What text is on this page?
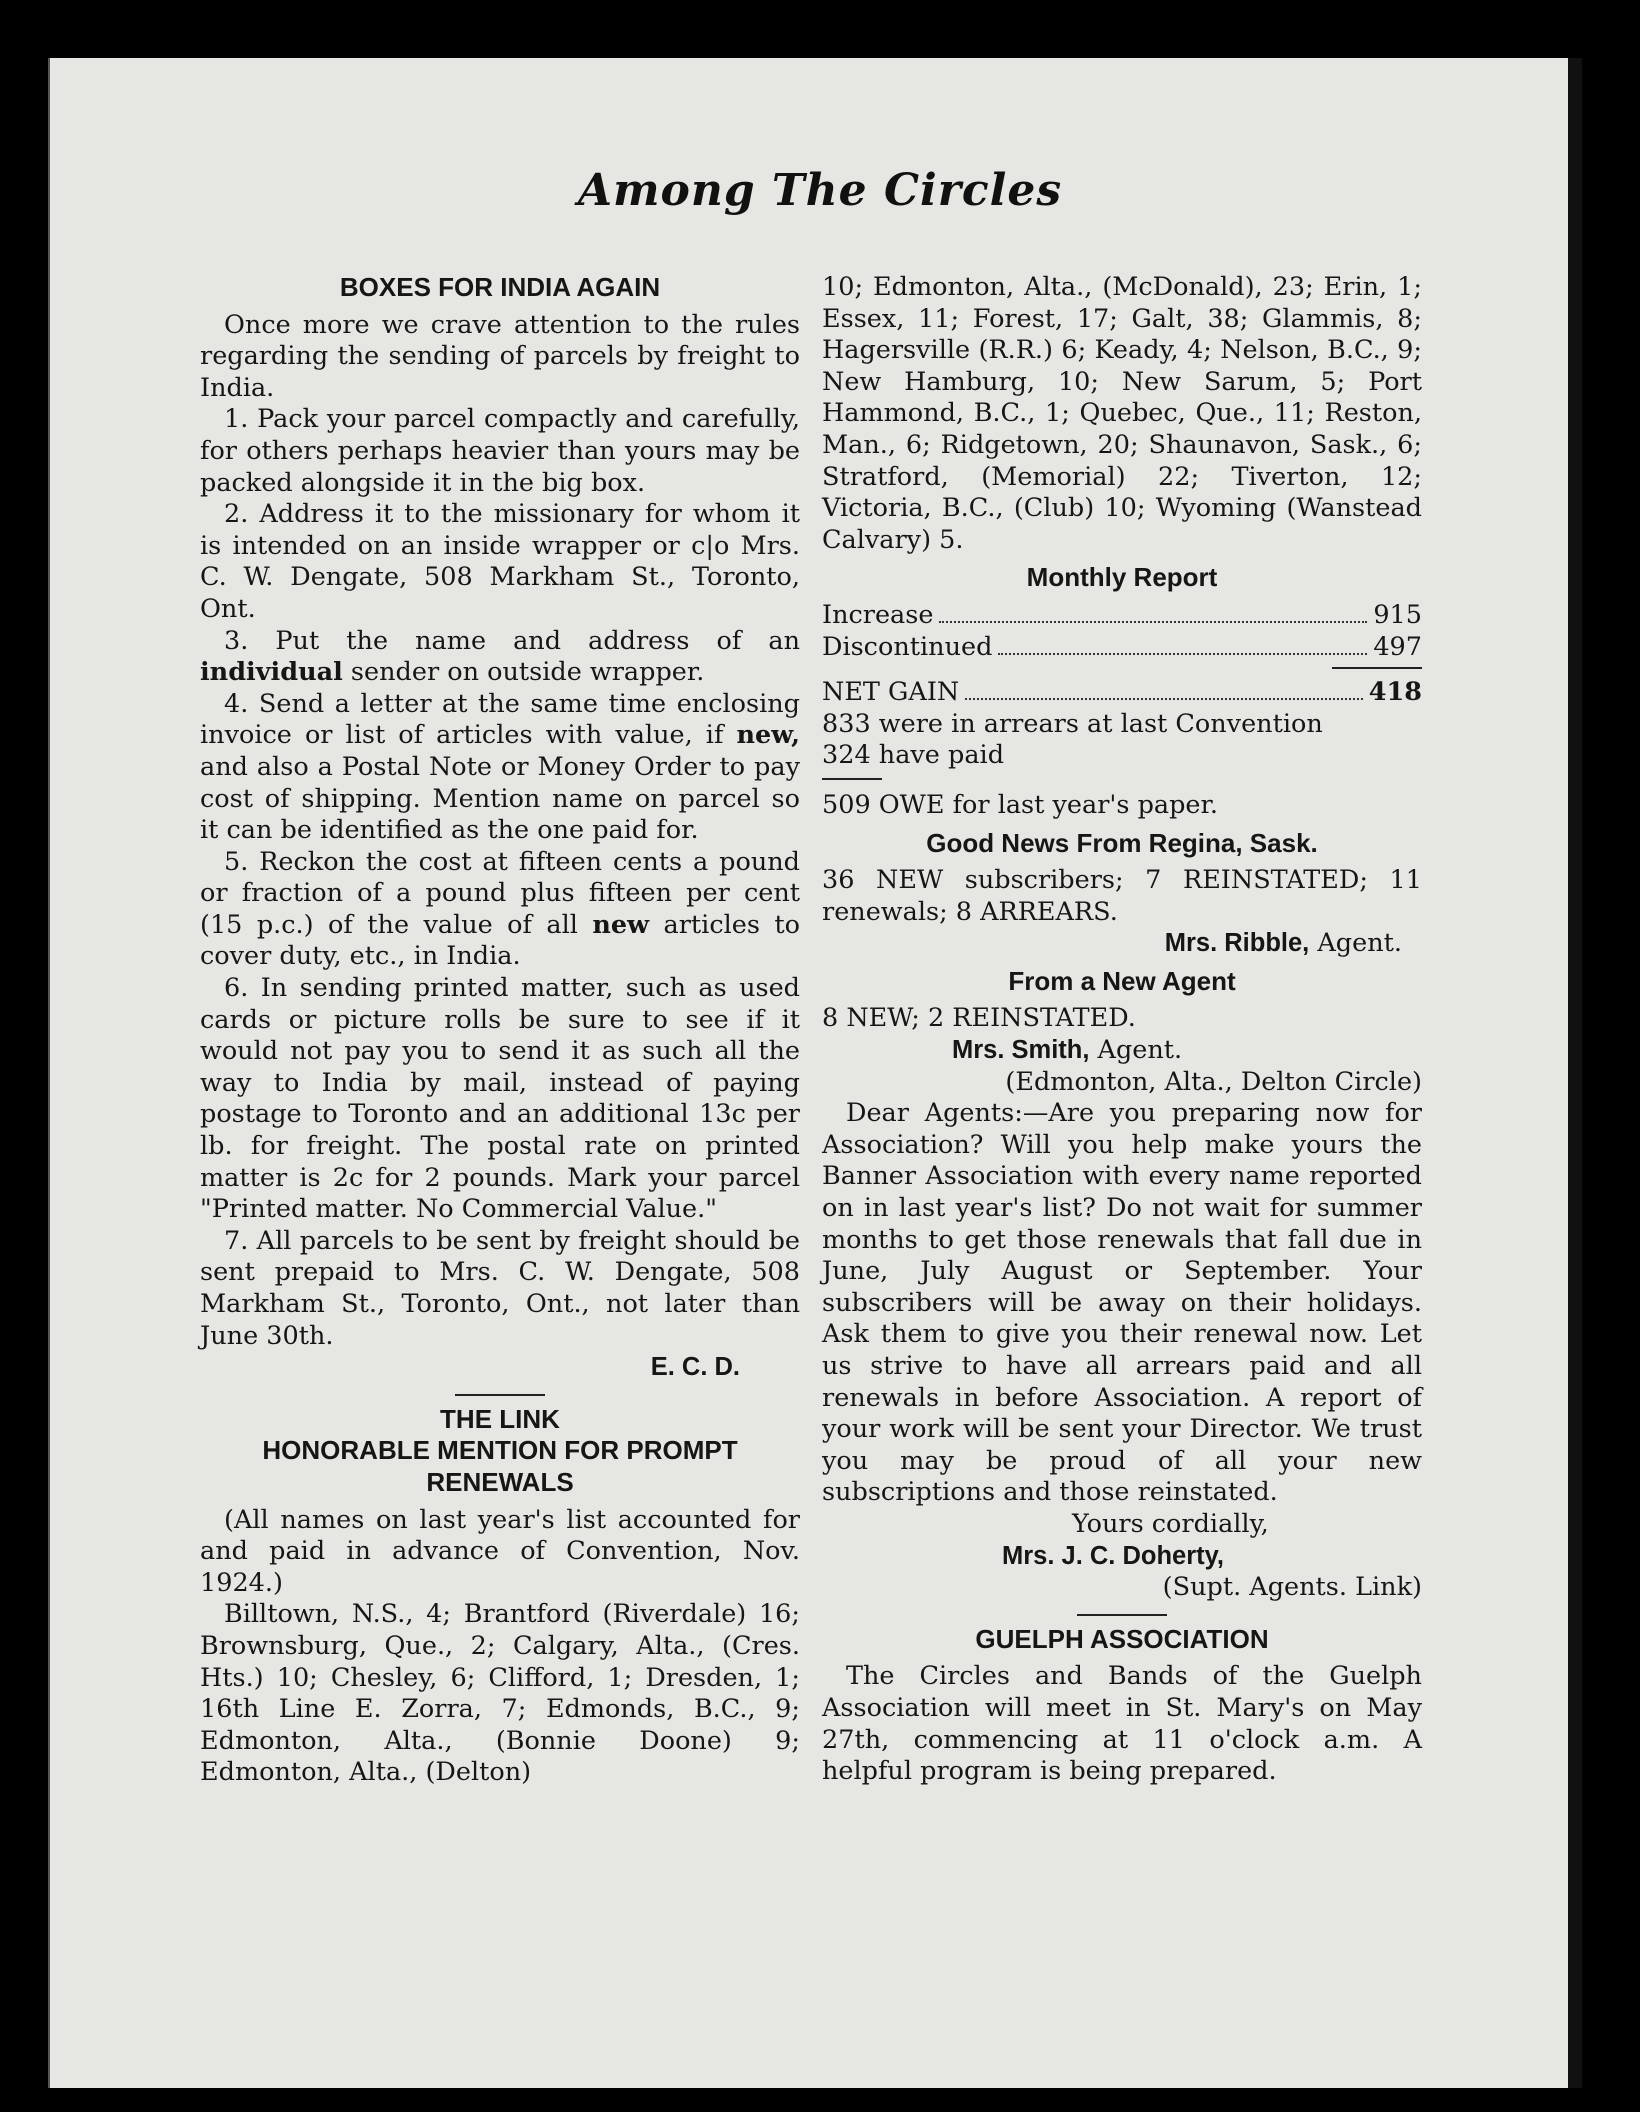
Among The Circles

BOXES FOR INDIA AGAIN

Once more we crave attention to the rules regarding the sending of parcels by freight to India.

1. Pack your parcel compactly and carefully, for others perhaps heavier than yours may be packed alongside it in the big box.

2. Address it to the missionary for whom it is intended on an inside wrapper or c|o Mrs. C. W. Dengate, 508 Markham St., Toronto, Ont.

3. Put the name and address of an individual sender on outside wrapper.

4. Send a letter at the same time enclosing invoice or list of articles with value, if new, and also a Postal Note or Money Order to pay cost of shipping. Mention name on parcel so it can be identified as the one paid for.

5. Reckon the cost at fifteen cents a pound or fraction of a pound plus fifteen per cent (15 p.c.) of the value of all new articles to cover duty, etc., in India.

6. In sending printed matter, such as used cards or picture rolls be sure to see if it would not pay you to send it as such all the way to India by mail, instead of paying postage to Toronto and an additional 13c per lb. for freight. The postal rate on printed matter is 2c for 2 pounds. Mark your parcel "Printed matter. No Commercial Value."

7. All parcels to be sent by freight should be sent prepaid to Mrs. C. W. Dengate, 508 Markham St., Toronto, Ont., not later than June 30th.

E. C. D.

THE LINK

HONORABLE MENTION FOR PROMPT RENEWALS

(All names on last year's list accounted for and paid in advance of Convention, Nov. 1924.)

Billtown, N.S., 4; Brantford (Riverdale) 16; Brownsburg, Que., 2; Calgary, Alta., (Cres. Hts.) 10; Chesley, 6; Clifford, 1; Dresden, 1; 16th Line E. Zorra, 7; Edmonds, B.C., 9; Edmonton, Alta., (Bonnie Doone) 9; Edmonton, Alta., (Delton)

10; Edmonton, Alta., (McDonald), 23; Erin, 1; Essex, 11; Forest, 17; Galt, 38; Glammis, 8; Hagersville (R.R.) 6; Keady, 4; Nelson, B.C., 9; New Hamburg, 10; New Sarum, 5; Port Hammond, B.C., 1; Quebec, Que., 11; Reston, Man., 6; Ridgetown, 20; Shaunavon, Sask., 6; Stratford, (Memorial) 22; Tiverton, 12; Victoria, B.C., (Club) 10; Wyoming (Wanstead Calvary) 5.

Monthly Report

Increase	915
Discontinued	497
NET GAIN	418

833 were in arrears at last Convention

324 have paid

509 OWE for last year's paper.

Good News From Regina, Sask.

36 NEW subscribers; 7 REINSTATED; 11 renewals; 8 ARREARS.

Mrs. Ribble, Agent.

From a New Agent

8 NEW; 2 REINSTATED.

Mrs. Smith, Agent.

(Edmonton, Alta., Delton Circle)

Dear Agents:—Are you preparing now for Association? Will you help make yours the Banner Association with every name reported on in last year's list? Do not wait for summer months to get those renewals that fall due in June, July August or September. Your subscribers will be away on their holidays. Ask them to give you their renewal now. Let us strive to have all arrears paid and all renewals in before Association. A report of your work will be sent your Director. We trust you may be proud of all your new subscriptions and those reinstated.

Yours cordially,

Mrs. J. C. Doherty,

(Supt. Agents. Link)

GUELPH ASSOCIATION

The Circles and Bands of the Guelph Association will meet in St. Mary's on May 27th, commencing at 11 o'clock a.m. A helpful program is being prepared.
